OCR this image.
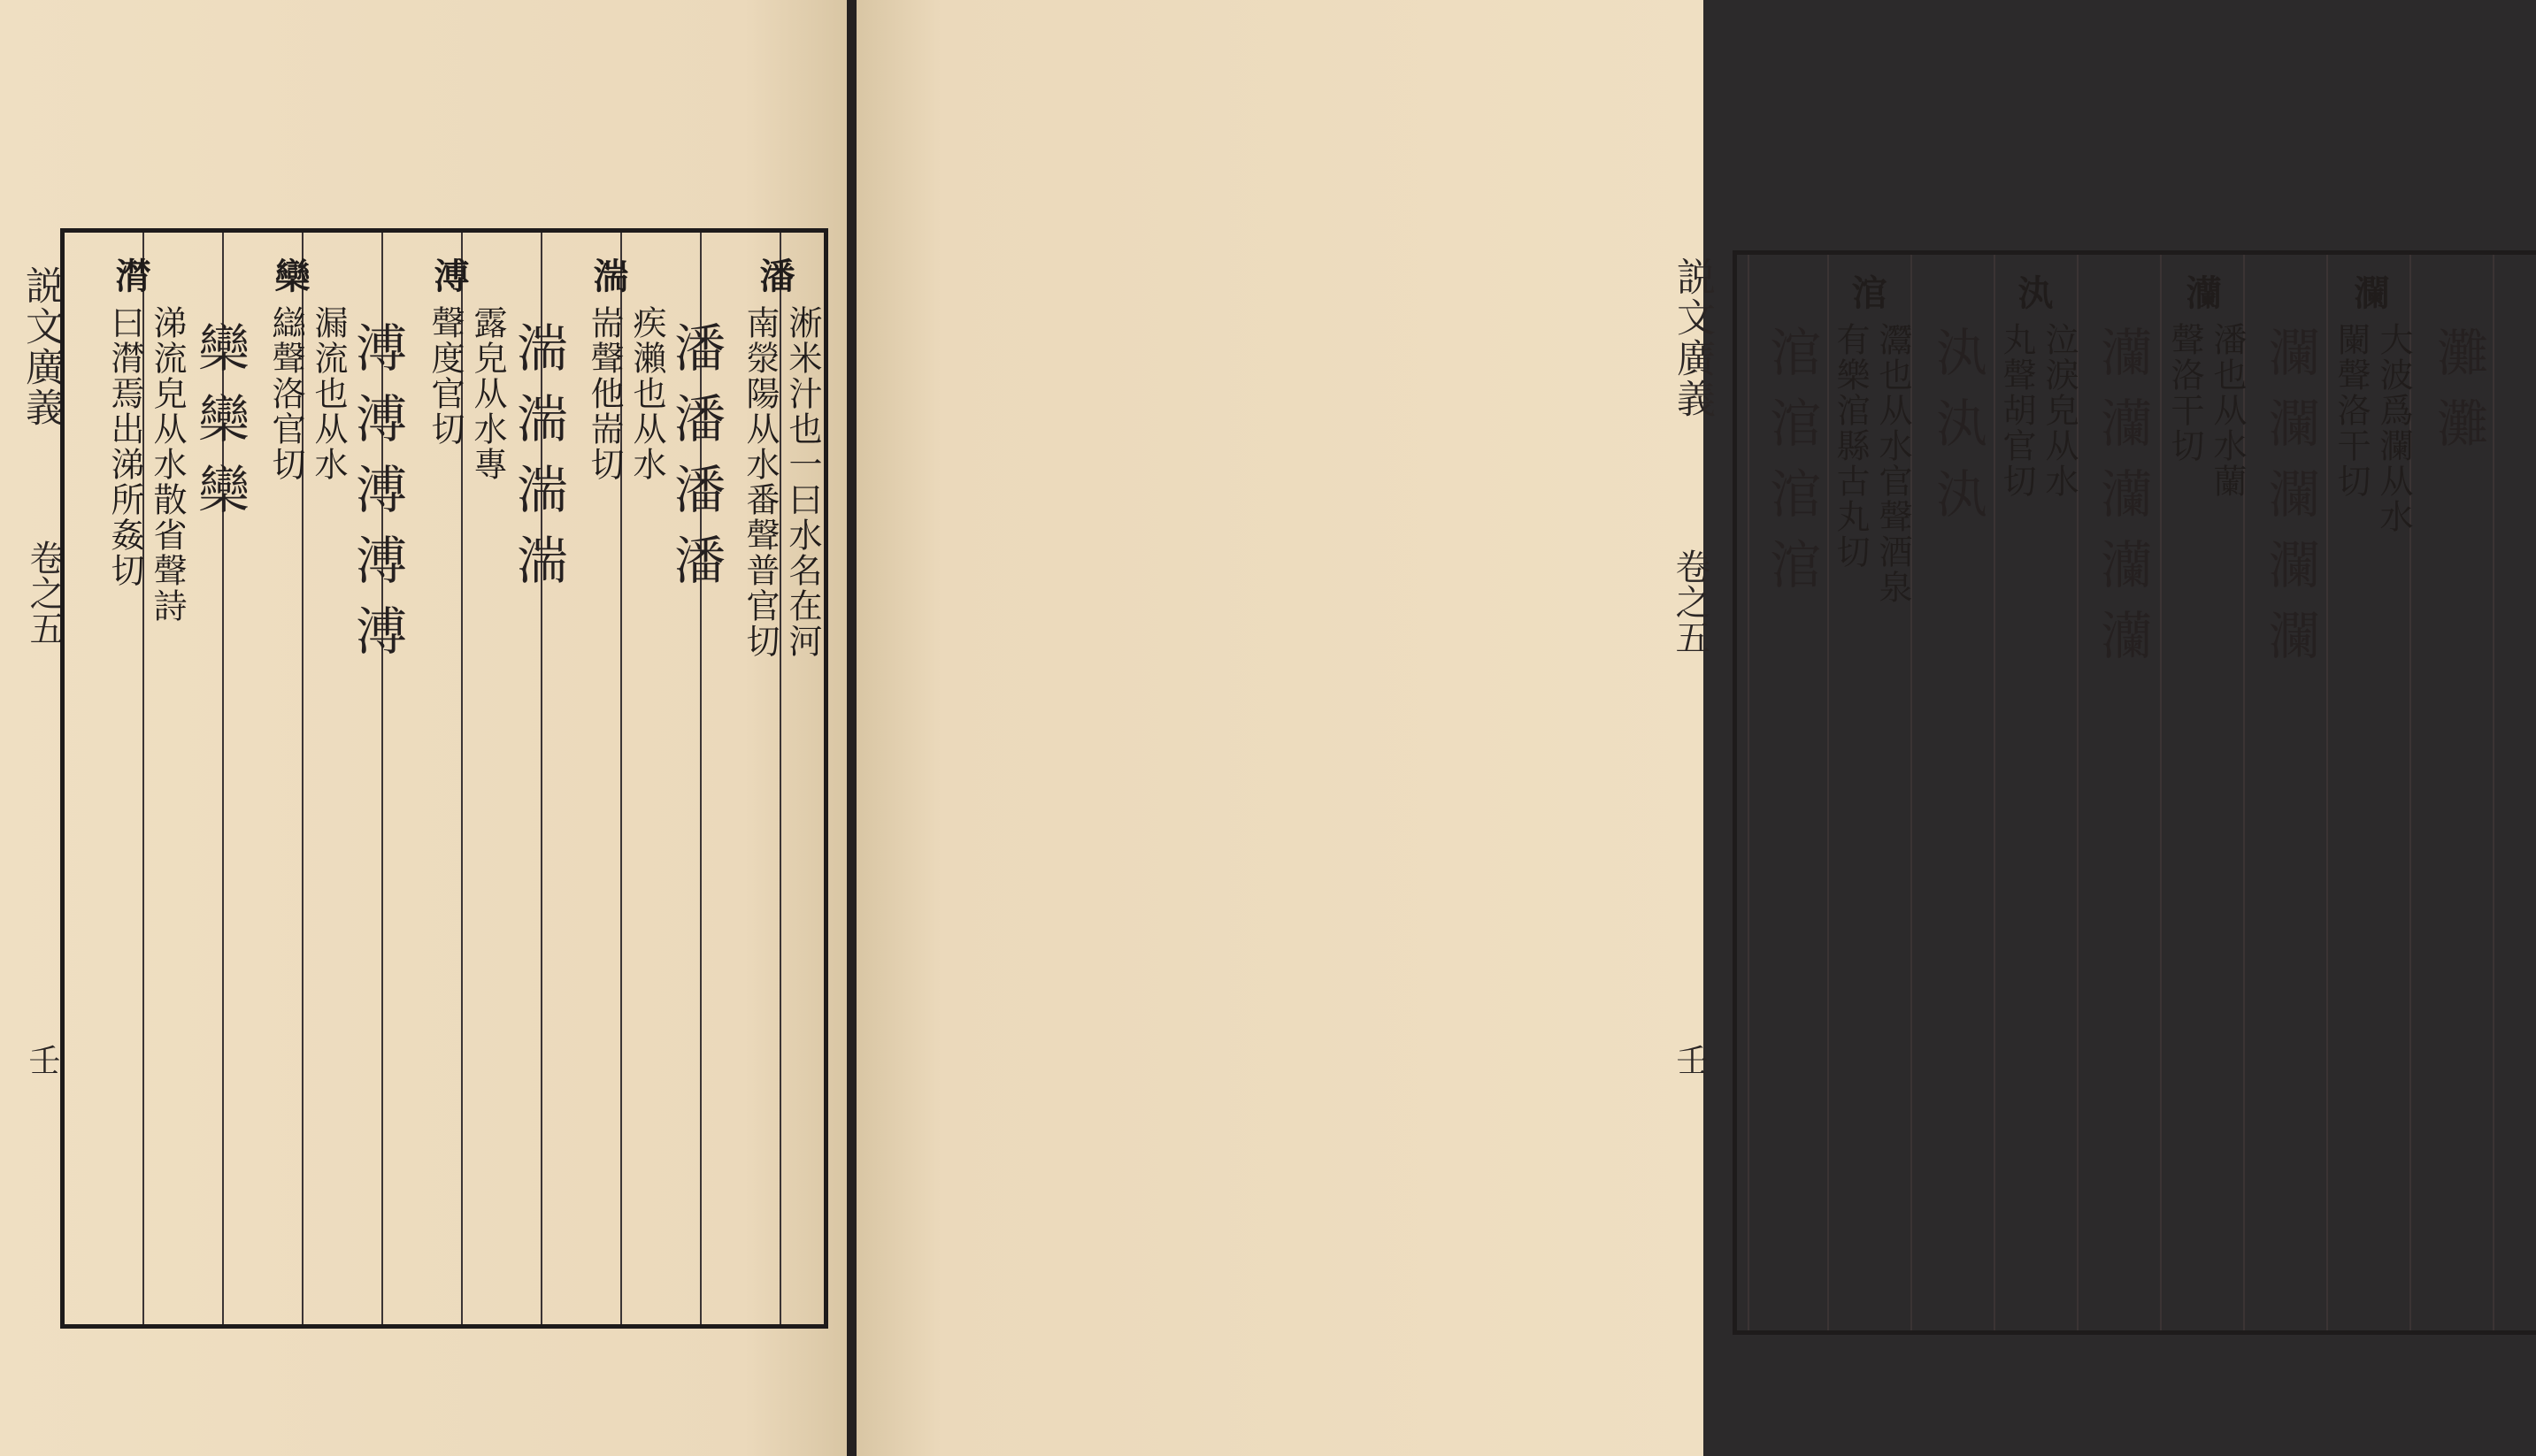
説文廣義
卷之五
壬
潘
淅米汁也一曰水名在河
南滎陽从水番聲普官切
潘潘潘潘
湍
疾瀨也从水
耑聲他耑切
湍湍湍湍
溥
露皃从水專
聲度官切
溥溥溥溥溥
欒
漏流也从水
䜌聲洛官切
欒欒欒
潸
涕流皃从水散省聲詩
曰潸焉出涕所姦切	説文廣義
卷之五
壬
灘灘
瀾
大波爲瀾从水
闌聲洛干切
瀾瀾瀾瀾瀾
灡
潘也从水蘭
聲洛干切
灡灡灡灡灡
汍
泣淚皃从水
丸聲胡官切
汍汍汍
涫
灊也从水官聲酒泉
有樂涫縣古丸切
涫涫涫涫
